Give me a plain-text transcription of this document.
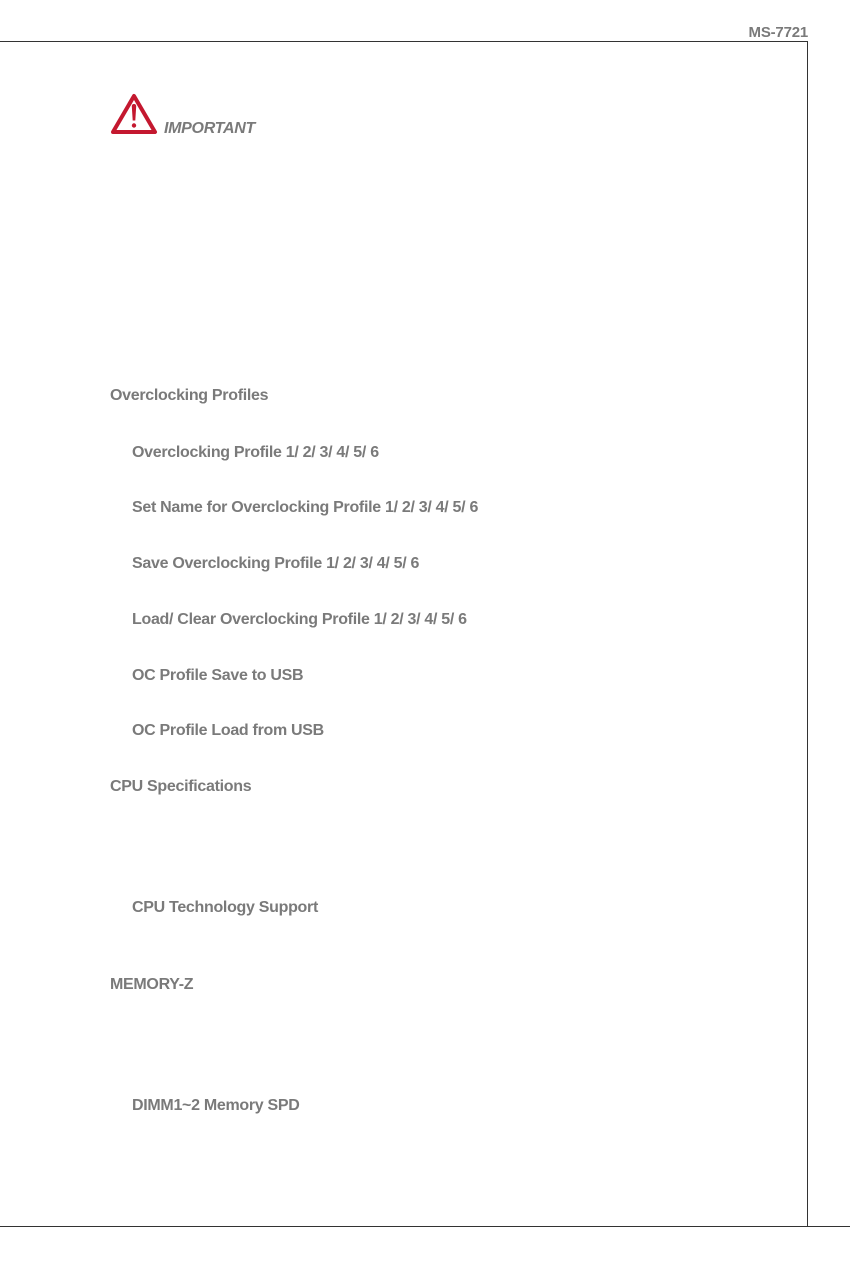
MS-7721
IMPORTANT
Overclocking Profiles
Overclocking Profile 1/ 2/ 3/ 4/ 5/ 6
Set Name for Overclocking Profile 1/ 2/ 3/ 4/ 5/ 6
Save Overclocking Profile 1/ 2/ 3/ 4/ 5/ 6
Load/ Clear Overclocking Profile 1/ 2/ 3/ 4/ 5/ 6
OC Profile Save to USB
OC Profile Load from USB
CPU Specifications
CPU Technology Support
MEMORY-Z
DIMM1~2 Memory SPD
